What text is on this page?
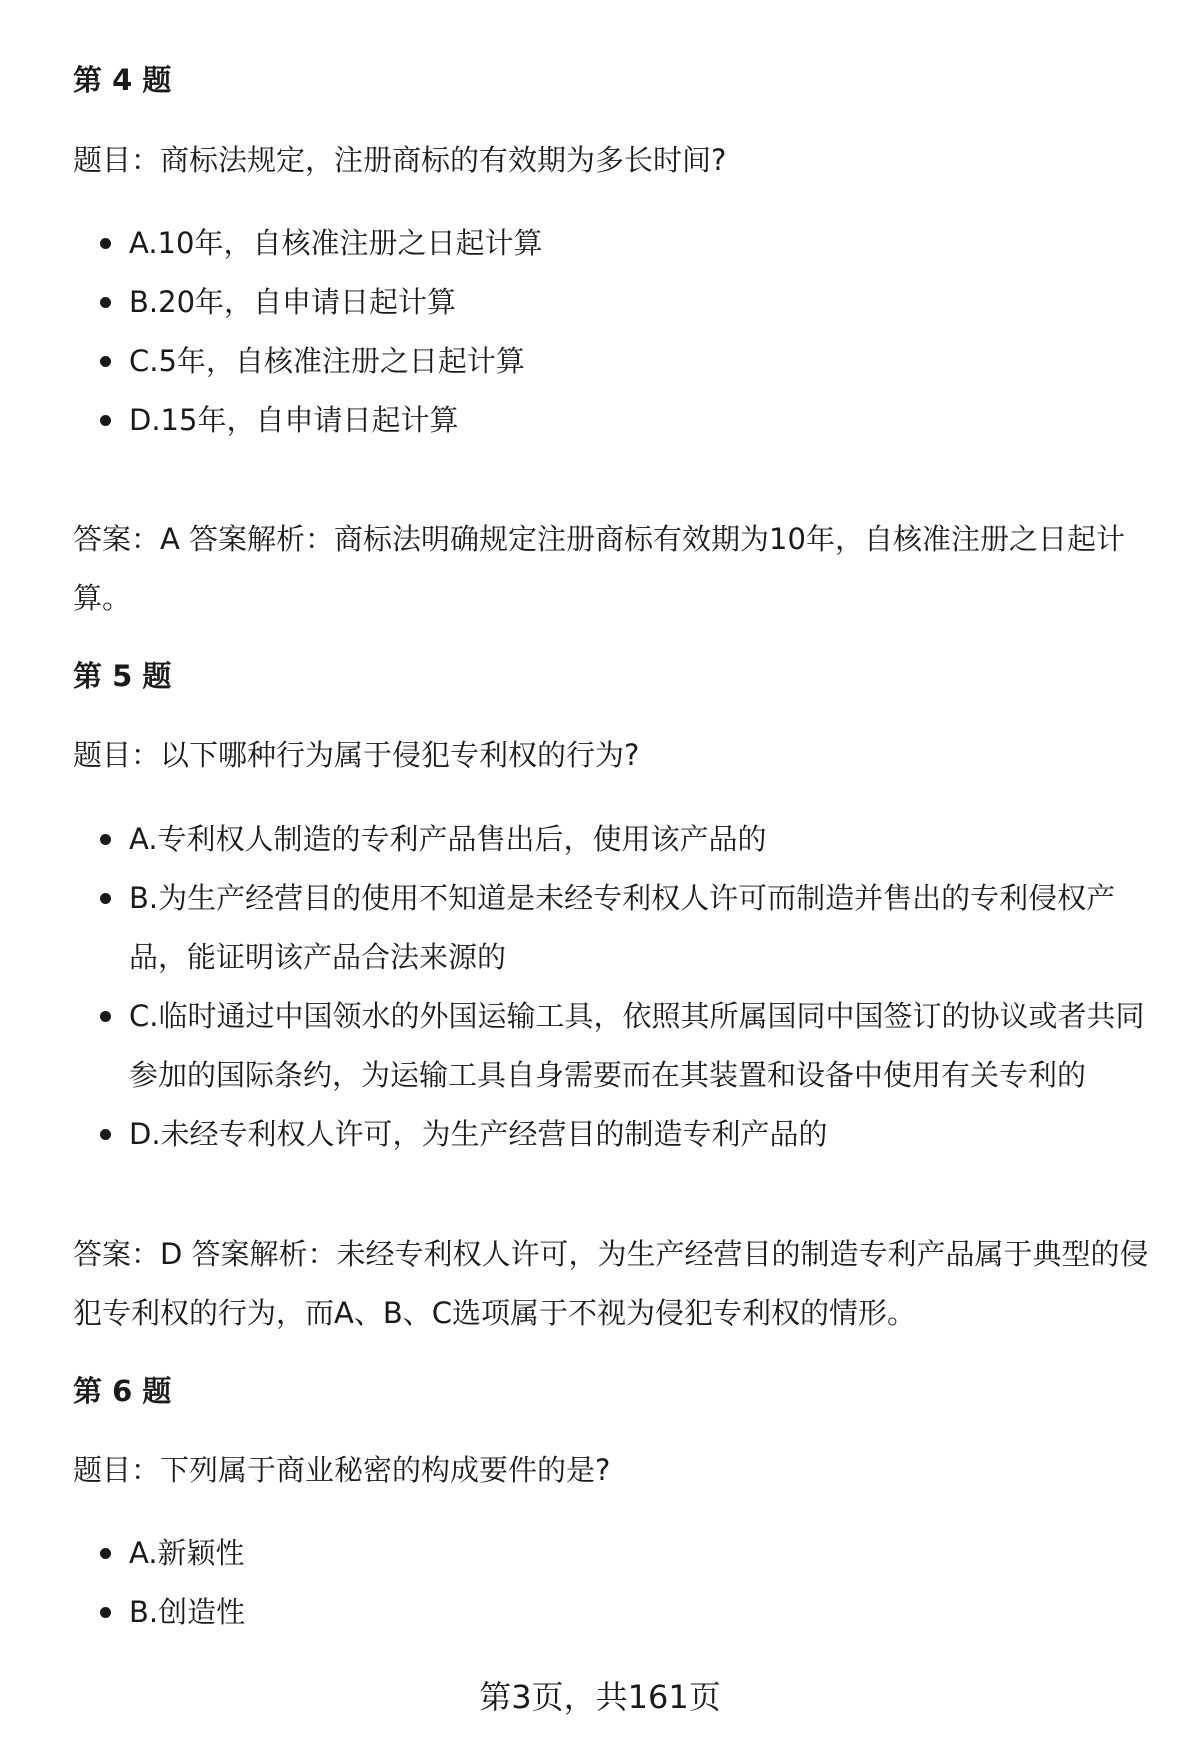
第 4 题
题目：商标法规定，注册商标的有效期为多长时间?
A.10年，自核准注册之日起计算
B.20年，自申请日起计算
C.5年，自核准注册之日起计算
D.15年，自申请日起计算
答案：A 答案解析：商标法明确规定注册商标有效期为10年，自核准注册之日起计算。
第 5 题
题目：以下哪种行为属于侵犯专利权的行为?
A.专利权人制造的专利产品售出后，使用该产品的
B.为生产经营目的使用不知道是未经专利权人许可而制造并售出的专利侵权产品，能证明该产品合法来源的
C.临时通过中国领水的外国运输工具，依照其所属国同中国签订的协议或者共同参加的国际条约，为运输工具自身需要而在其装置和设备中使用有关专利的
D.未经专利权人许可，为生产经营目的制造专利产品的
答案：D 答案解析：未经专利权人许可，为生产经营目的制造专利产品属于典型的侵犯专利权的行为，而A、B、C选项属于不视为侵犯专利权的情形。
第 6 题
题目：下列属于商业秘密的构成要件的是?
A.新颖性
B.创造性
第3页，共161页
